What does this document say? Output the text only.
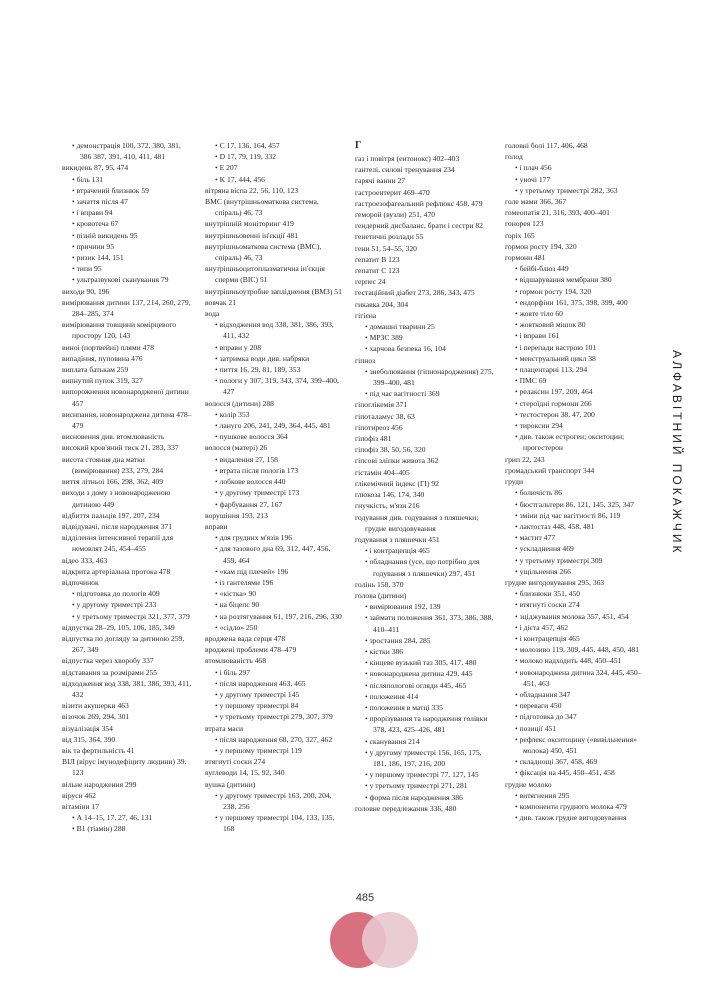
• демонстрація 100, 372, 380, 381, 386 387, 391, 410, 411, 481
викидень 87, 95, 474
• біль 131
• втрачений близнюк 59
• зачаття після 47
• і вправи 94
• кровотеча 67
• пізній викидень 95
• причини 95
• ризик 144, 151
• типи 95
• ультразвукові сканування 79
виходи 90, 196
вимірювання дитини 137, 214, 260, 279, 284–285, 374
вимірювання товщини комірцевого простору 120, 143
виноі (портвейні) плями 478
випадіння, пуповина 476
виплата батькам 259
випнутий пупок 319, 327
випорожнення новонародженої дитини 457
висипання, новонароджена дитина 478–479
висновення див. втомлюваність
високий кров'яний тиск 21, 283, 337
висота стояння дна матки (вимірювання) 233, 279, 284
виття літньоі 166, 298, 362, 409
виходи з дому з новонародженою дитиною 449
відбиття пальців 197, 207, 234
відвідувачі, після народження 371
відділення інтенсивної терапії для немовлят 245, 454–455
відео 333, 463
відкрита артеріальна протока 478
відпочинок
• підготовка до пологів 409
• у другому триместрі 233
• у третьому триместрі 321, 377, 379
відпустка 28–29, 105, 106, 185, 349
відпустка по догляду за дитиною 259, 267, 349
відпустка через хворобу 337
відставання за розмірами 255
відходження вод 338, 381, 386, 393, 411, 432
візити акушерки 463
візочок 269, 294, 301
візуалізація 354
від 315, 364, 390
вік та фертильність 41
ВІЛ (вірус імунодефіциту людини) 39, 123
вільне народження 299
віруси 462
вітаміни 17
• А 14–15, 17, 27, 46, 131
• В1 (тіамін) 288
• C 17, 136, 164, 457
• D 17, 79, 119, 332
• E 207
• K 17, 444, 456
вітряна віспа 22, 56, 110, 123
ВМС (внутрішньоматкова система, спіраль) 46, 73
внутрішній моніторинг 419
внутрішньовенні ін'єкції 481
внутрішньоматкова система (ВМС), спіраль) 46, 73
внутрішньоцитоплазматична ін'єкція сперми (ВІС) 51
внутрішньоутробне запліднення (ВМЗ) 51
вовчак 21
вода
• відходження вод 338, 381, 386, 393, 411, 432
• вправи у 208
• затримка води див. набряки
• пиття 16, 29, 81, 189, 353
• пологи у 307, 319, 343, 374, 399–400, 427
волосся (дитини) 288
• колір 353
• ланугo 206, 241, 249, 364, 445, 481
• пушкове волосся 364
волосся (матері) 26
• видалення 27, 158
• втрата після пологів 173
• лобкове волосся 440
• у другому триместрі 173
• фарбування 27, 167
ворушіння 193, 213
вправи
• для грудних м'язів 196
• для тазового дна 69, 312, 447, 456, 459, 464
• «кам під плечей» 196
• із гантелями 196
• «кістка» 90
• на біцепс 90
• на розтягування 61, 197, 216, 296, 330
• «сідло» 250
вроджена вада серця 478
вроджені проблеми 478–479
втомлюваність 468
• і біль 297
• після народження 463, 465
• у другому триместрі 145
• у першому триместрі 84
• у третьому триместрі 279, 307, 379
втрата маси
• після народження 68, 270, 327, 462
• у першому триместрі 119
втягнуті соски 274
вуглеводи 14, 15, 92, 340
вушка (дитини)
• у другому триместрі 163, 200, 204, 238, 256
• у першому триместрі 104, 133, 135, 168
Г
газ і повітря (ентонокс) 402–403
гантелі, силові тренування 234
гарячі ванни 27
гастроентерит 469–470
гастроезофагеальний рефлюкс 458, 479
геморой (вузли) 251, 470
гендерний дисбаланс, брати і сестри 82
генетичні розлади 55
гени 51, 54–55, 320
гепатит В 123
гепатит С 123
герпес 24
гестаційний діабет 273, 286, 343, 475
гикавка 204, 304
гігієна
• домашні тварини 25
• MPЗC 389
• харчова безпека 16, 104
гіпноз
• знеболювання (гіпнонародження) 275, 399–400, 481
• під час вагітності 369
гіпоглікемія 371
гіпоталамус 38, 63
гіпотиреоз 456
гіпофіз 481
гіпофіз 38, 50, 56, 320
гіпсові зліпки живота 362
гістамін 404–405
глікемічний індекс (ГІ) 92
глюкоза 146, 174, 340
гнучкість, м'язи 216
годування див. годування з пляшечки; грудне вигодовування
годування з пляшечки 451
• і контрацепція 465
• обладнання (усе, що потрібно для годування з пляшечки) 297, 451
голінь 158, 370
голова (дитини)
• вимірювання 192, 139
• займати положення 361, 373, 386, 388, 410–411
• зростання 284, 285
• кістки 386
• кінцеве вузький таз 305, 417, 480
• новонароджена дитина 429, 445
• післяпологові огляди 445, 465
• положення 414
• положення в матці 335
• прорізування та народження голівки 378, 423, 425–426, 481
• сканування 214
• у другому триместрі 156, 165, 175, 181, 186, 197, 216, 200
• у першому триместрі 77, 127, 145
• у третьому триместрі 271, 281
• форма після народження 386
головне передлежання 336, 480
головні болі 117, 406, 468
голод
• і плач 456
• уночі 177
• у третьому триместрі 282, 363
голе мами 366, 367
гомеопатія 21, 316, 393, 400–401
гонорея 123
горіх 165
гормон росту 194, 320
гормони 481
• бейбі-блюз 449
• відшарування мембрани 380
• гормон росту 194, 320
• ендорфіни 161, 375, 398, 399, 400
• жовте тіло 60
• жовтковий мішок 80
• і вправи 161
• і перепади настрою 101
• менструальний цикл 38
• плацентарні 113, 294
• ПМС 69
• релаксин 197, 209, 464
• стероїдні гормони 266
• тестостерон 38, 47, 200
• тироксин 294
• див. також естроген; окситоцин; прогестерон
грип 22, 243
громадський транспорт 344
груди
• болючість 86
• бюстгальтери 86, 121, 145, 325, 347
• зміни під час вагітності 86, 119
• лактостаз 448, 458, 481
• мастит 477
• ускладнення 469
• у третьому триместрі 309
• ущільнення 266
грудне вигодовування 295, 363
• близнюки 351, 450
• втягнуті соски 274
• зціджування молока 357, 451, 454
• і дієта 457, 462
• і контрацепція 465
• молозиво 119, 309, 445, 448, 450, 481
• молоко надходить 448, 450–451
• новонароджена дитина 324, 445, 450–451, 463
• обладнання 347
• переваги 450
• підготовка до 347
• позиції 451
• рефлекс окситоцину («вивільнення» молока) 450, 451
• складнощі 367, 458, 469
• фіксація на 445, 450–451, 458
грудне молоко
• витягнення 295
• компоненти грудного молока 479
• див. також грудне вигодовування
АЛФАВІТНИЙ ПОКАЖЧИК
485
